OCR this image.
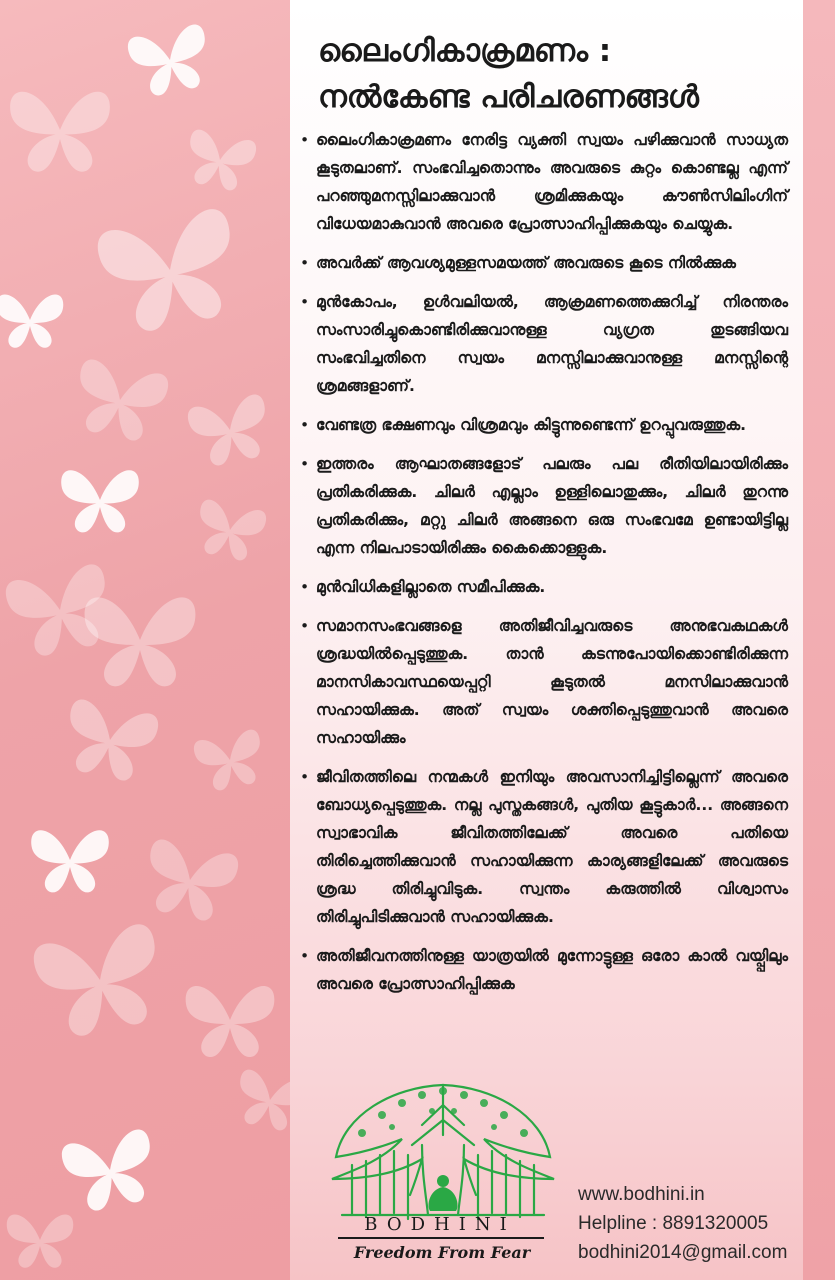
ലൈംഗികാക്രമണം :
നൽകേണ്ട പരിചരണങ്ങൾ
• ലൈംഗികാക്രമണം നേരിട്ട വ്യക്തി സ്വയം പഴിക്കുവാൻ സാധ്യത കൂടുതലാണ്. സംഭവിച്ചതൊന്നും അവരുടെ കുറ്റം കൊണ്ടല്ല എന്ന് പറഞ്ഞുമനസ്സിലാക്കുവാൻ ശ്രമിക്കുകയും കൗൺസിലിംഗിന് വിധേയമാകുവാൻ അവരെ പ്രോത്സാഹിപ്പിക്കുകയും ചെയ്യുക.
• അവർക്ക് ആവശ്യമുള്ളസമയത്ത് അവരുടെ കൂടെ നിൽക്കുക
• മുൻകോപം, ഉൾവലിയൽ, ആക്രമണത്തെക്കുറിച്ച് നിരന്തരം സംസാരിച്ചുകൊണ്ടിരിക്കുവാനുള്ള വ്യഗ്രത തുടങ്ങിയവ സംഭവിച്ചതിനെ സ്വയം മനസ്സിലാക്കുവാനുള്ള മനസ്സിന്റെ ശ്രമങ്ങളാണ്.
• വേണ്ടത്ര ഭക്ഷണവും വിശ്രമവും കിട്ടുന്നുണ്ടെന്ന് ഉറപ്പുവരുത്തുക.
• ഇത്തരം ആഘാതങ്ങളോട് പലരും പല രീതിയിലായിരിക്കും പ്രതികരിക്കുക. ചിലർ എല്ലാം ഉള്ളിലൊതുക്കും, ചിലർ തുറന്നു പ്രതികരിക്കും, മറ്റു ചിലർ അങ്ങനെ ഒരു സംഭവമേ ഉണ്ടായിട്ടില്ല എന്ന നിലപാടായിരിക്കും കൈക്കൊള്ളുക.
• മുൻവിധികളില്ലാതെ സമീപിക്കുക.
• സമാനസംഭവങ്ങളെ അതിജീവിച്ചവരുടെ അനുഭവകഥകൾ ശ്രദ്ധയിൽപ്പെടുത്തുക. താൻ കടന്നുപോയിക്കൊണ്ടിരിക്കുന്ന മാനസികാവസ്ഥയെപ്പറ്റി കൂടുതൽ മനസിലാക്കുവാൻ സഹായിക്കുക. അത് സ്വയം ശക്തിപ്പെടുത്തുവാൻ അവരെ സഹായിക്കും
• ജീവിതത്തിലെ നന്മകൾ ഇനിയും അവസാനിച്ചിട്ടില്ലെന്ന് അവരെ ബോധ്യപ്പെടുത്തുക. നല്ല പുസ്തകങ്ങൾ, പുതിയ കൂട്ടുകാർ... അങ്ങനെ സ്വാഭാവിക ജീവിതത്തിലേക്ക് അവരെ പതിയെ തിരിച്ചെത്തിക്കുവാൻ സഹായിക്കുന്ന കാര്യങ്ങളിലേക്ക് അവരുടെ ശ്രദ്ധ തിരിച്ചുവിടുക. സ്വന്തം കരുത്തിൽ വിശ്വാസം തിരിച്ചുപിടിക്കുവാൻ സഹായിക്കുക.
• അതിജീവനത്തിനുള്ള യാത്രയിൽ മുന്നോട്ടുള്ള ഒരോ കാൽ വയ്പ്പിലും അവരെ പ്രോത്സാഹിപ്പിക്കുക
BODHINI
Freedom From Fear
www.bodhini.in
Helpline : 8891320005
bodhini2014@gmail.com
